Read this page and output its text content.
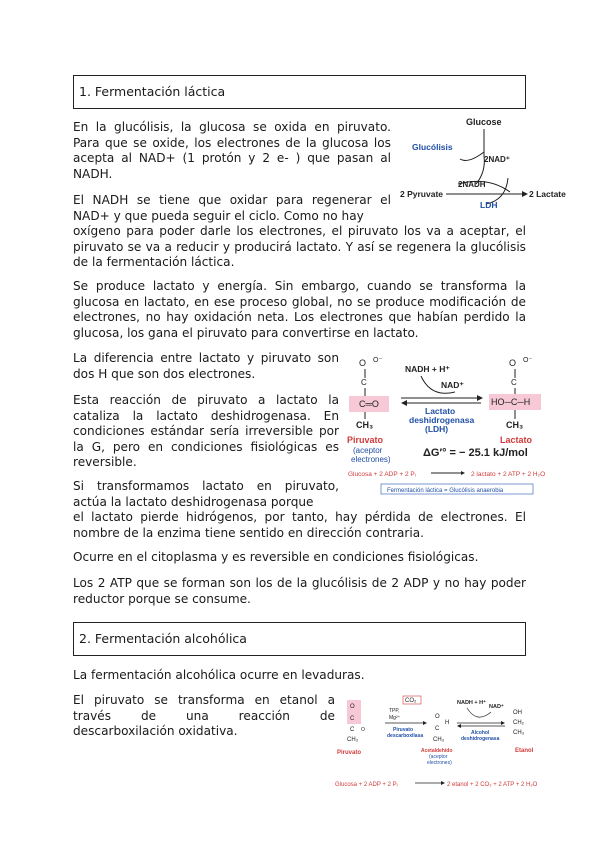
1. Fermentación láctica

En la glucólisis, la glucosa se oxida en piruvato. Para que se oxide, los electrones de la glucosa los acepta al NAD+ (1 protón y 2 e- ) que pasan al NADH.

Glucose
Glucólisis
2NAD⁺
2NADH
2 Pyruvate	2 Lactate
LDH

El NADH se tiene que oxidar para regenerar el NAD+ y que pueda seguir el ciclo. Como no hay

oxígeno para poder darle los electrones, el piruvato los va a aceptar, el piruvato se va a reducir y producirá lactato. Y así se regenera la glucólisis de la fermentación láctica.

Se produce lactato y energía. Sin embargo, cuando se transforma la glucosa en lactato, en ese proceso global, no se produce modificación de electrones, no hay oxidación neta. Los electrones que habían perdido la glucosa, los gana el piruvato para convertirse en lactato.

La diferencia entre lactato y piruvato son dos H que son dos electrones.

Esta reacción de piruvato a lactato la cataliza la lactato deshidrogenasa. En condiciones estándar sería irreversible por la G, pero en condiciones fisiológicas es reversible.

O O⁻
C
C═O
CH₃
Piruvato
(aceptor
electrones)
NADH + H⁺
NAD⁺
Lactato
deshidrogenasa
(LDH)
O O⁻
C
HO─C─H
CH₃
Lactato
ΔG′° = − 25.1 kJ/mol
Glucosa + 2 ADP + 2 Pᵢ	2 lactato + 2 ATP + 2 H₂O
Fermentación láctica = Glucólisis anaerobia

Si transformamos lactato en piruvato, actúa la lactato deshidrogenasa porque

el lactato pierde hidrógenos, por tanto, hay pérdida de electrones. El nombre de la enzima tiene sentido en dirección contraria.

Ocurre en el citoplasma y es reversible en condiciones fisiológicas.

Los 2 ATP que se forman son los de la glucólisis de 2 ADP y no hay poder reductor porque se consume.

2. Fermentación alcohólica

La fermentación alcohólica ocurre en levaduras.

El piruvato se transforma en etanol a través de una reacción de descarboxilación oxidativa.

O
C
C O
CH₃
Piruvato
CO₂
TPP,
Mg²⁺
Piruvato
descarboxilasa
O
H
C
CH₃
Acetaldehído
(aceptor
electrones)
NADH + H⁺
NAD⁺
Alcohol
deshidrogenasa
OH
CH₂
CH₃
Etanol
Glucosa + 2 ADP + 2 Pᵢ	2 etanol + 2 CO₂ + 2 ATP + 2 H₂O
